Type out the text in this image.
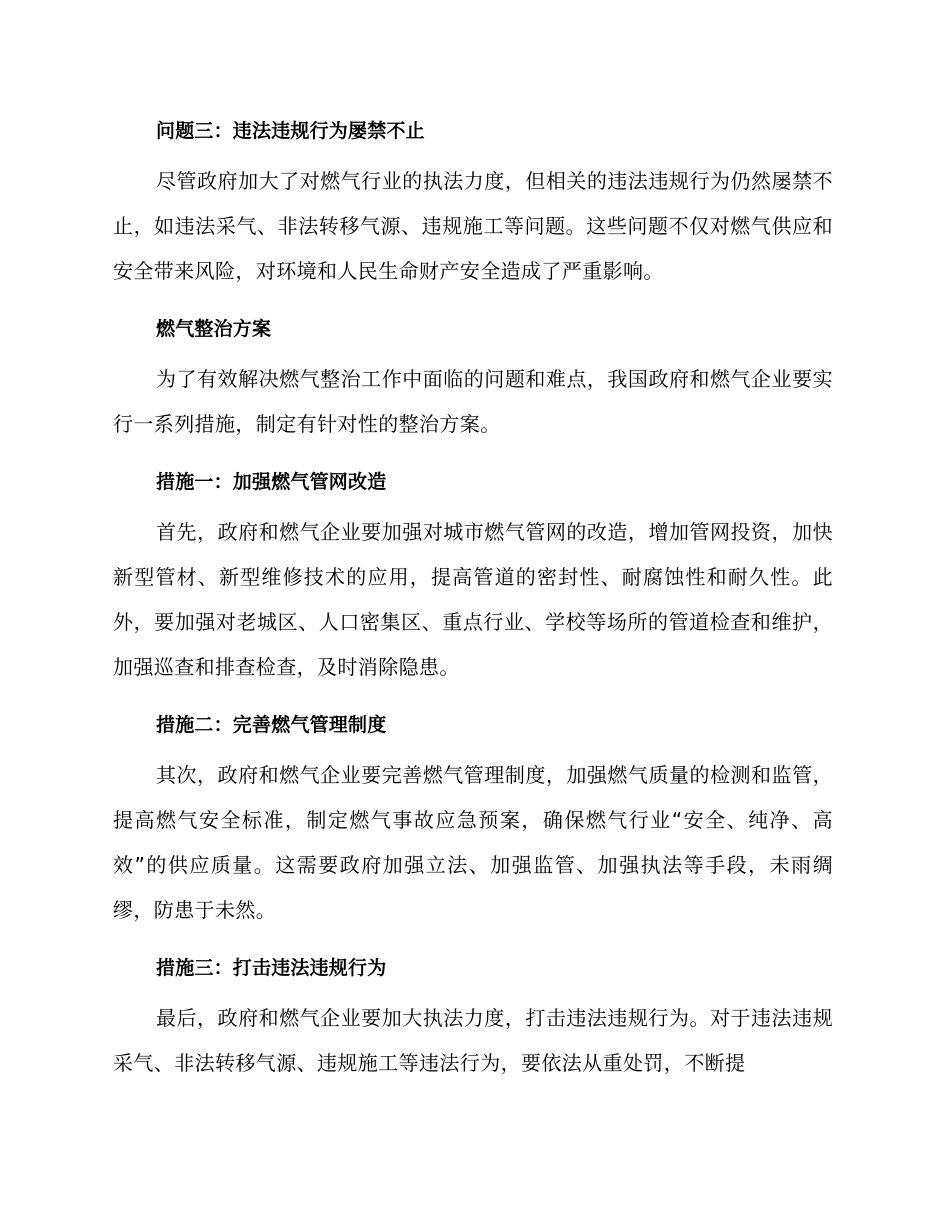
问题三：违法违规行为屡禁不止

尽管政府加大了对燃气行业的执法力度，但相关的违法违规行为仍然屡禁不止，如违法采气、非法转移气源、违规施工等问题。这些问题不仅对燃气供应和安全带来风险，对环境和人民生命财产安全造成了严重影响。

燃气整治方案

为了有效解决燃气整治工作中面临的问题和难点，我国政府和燃气企业要实行一系列措施，制定有针对性的整治方案。

措施一：加强燃气管网改造

首先，政府和燃气企业要加强对城市燃气管网的改造，增加管网投资，加快新型管材、新型维修技术的应用，提高管道的密封性、耐腐蚀性和耐久性。此外，要加强对老城区、人口密集区、重点行业、学校等场所的管道检查和维护，加强巡查和排查检查，及时消除隐患。

措施二：完善燃气管理制度

其次，政府和燃气企业要完善燃气管理制度，加强燃气质量的检测和监管，提高燃气安全标准，制定燃气事故应急预案，确保燃气行业“安全、纯净、高效”的供应质量。这需要政府加强立法、加强监管、加强执法等手段，未雨绸缪，防患于未然。

措施三：打击违法违规行为

最后，政府和燃气企业要加大执法力度，打击违法违规行为。对于违法违规采气、非法转移气源、违规施工等违法行为，要依法从重处罚，不断提
